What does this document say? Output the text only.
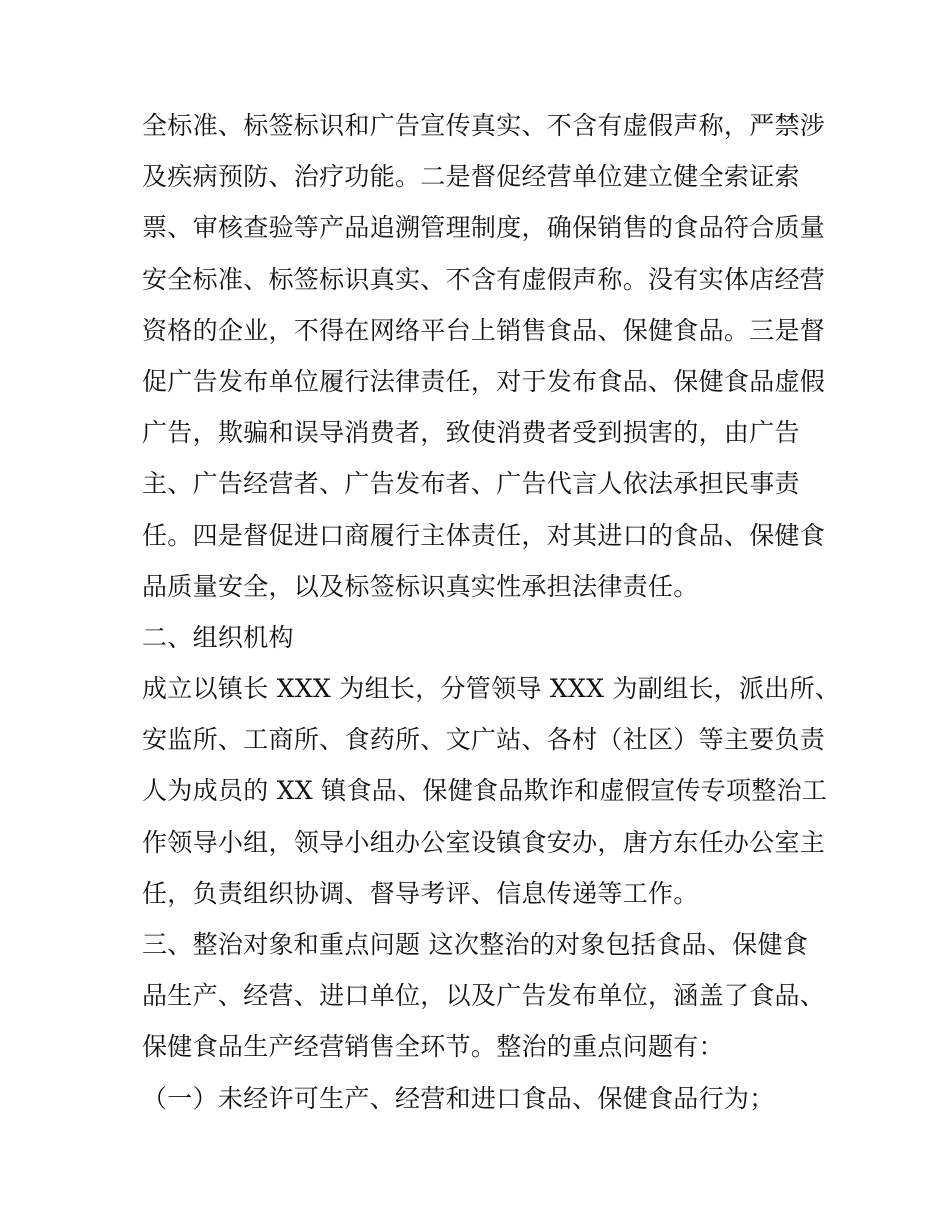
全标准、标签标识和广告宣传真实、不含有虚假声称，严禁涉
及疾病预防、治疗功能。二是督促经营单位建立健全索证索
票、审核查验等产品追溯管理制度，确保销售的食品符合质量
安全标准、标签标识真实、不含有虚假声称。没有实体店经营
资格的企业，不得在网络平台上销售食品、保健食品。三是督
促广告发布单位履行法律责任，对于发布食品、保健食品虚假
广告，欺骗和误导消费者，致使消费者受到损害的，由广告
主、广告经营者、广告发布者、广告代言人依法承担民事责
任。四是督促进口商履行主体责任，对其进口的食品、保健食
品质量安全，以及标签标识真实性承担法律责任。
二、组织机构
成立以镇长 XXX 为组长，分管领导 XXX 为副组长，派出所、
安监所、工商所、食药所、文广站、各村（社区）等主要负责
人为成员的 XX 镇食品、保健食品欺诈和虚假宣传专项整治工
作领导小组，领导小组办公室设镇食安办，唐方东任办公室主
任，负责组织协调、督导考评、信息传递等工作。
三、整治对象和重点问题 这次整治的对象包括食品、保健食
品生产、经营、进口单位，以及广告发布单位，涵盖了食品、
保健食品生产经营销售全环节。整治的重点问题有：
（一）未经许可生产、经营和进口食品、保健食品行为；
